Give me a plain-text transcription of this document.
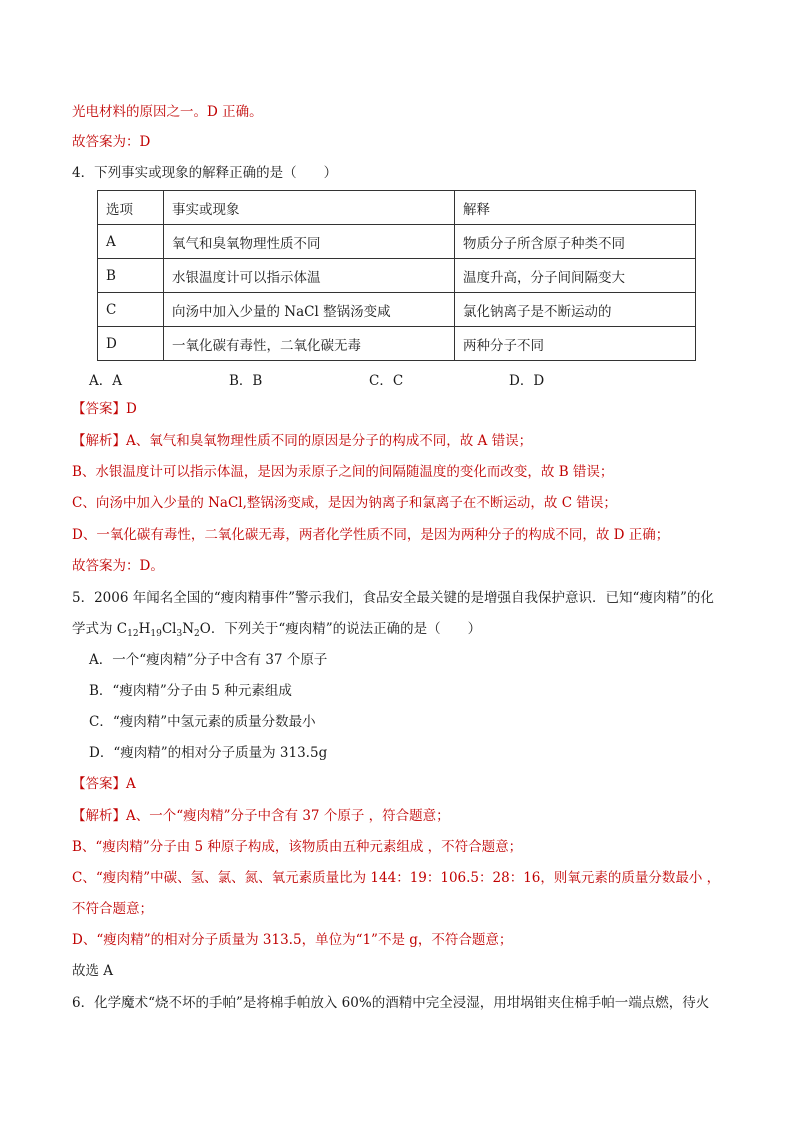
光电材料的原因之一。D 正确。
故答案为：D
4．下列事实或现象的解释正确的是（　　）
选项	事实或现象	解释
A	氧气和臭氧物理性质不同	物质分子所含原子种类不同
B	水银温度计可以指示体温	温度升高，分子间间隔变大
C	向汤中加入少量的 NaCl 整锅汤变咸	氯化钠离子是不断运动的
D	一氧化碳有毒性，二氧化碳无毒	两种分子不同
A．A	B．B	C．C	D．D
【答案】D
【解析】A、氧气和臭氧物理性质不同的原因是分子的构成不同，故 A 错误；
B、水银温度计可以指示体温，是因为汞原子之间的间隔随温度的变化而改变，故 B 错误；
C、向汤中加入少量的 NaCl,整锅汤变咸，是因为钠离子和氯离子在不断运动，故 C 错误；
D、一氧化碳有毒性，二氧化碳无毒，两者化学性质不同，是因为两种分子的构成不同，故 D 正确；
故答案为：D。
5．2006 年闻名全国的“瘦肉精事件”警示我们，食品安全最关键的是增强自我保护意识．已知“瘦肉精”的化
学式为 $C_{12}H_{19}Cl_3N_2O$．下列关于“瘦肉精”的说法正确的是（　　）
A．一个“瘦肉精”分子中含有 37 个原子
B．“瘦肉精”分子由 5 种元素组成
C．“瘦肉精”中氢元素的质量分数最小
D．“瘦肉精”的相对分子质量为 313.5g
【答案】A
【解析】A、一个“瘦肉精”分子中含有 37 个原子 ，符合题意；
B、“瘦肉精”分子由 5 种原子构成，该物质由五种元素组成 ，不符合题意；
C、“瘦肉精”中碳、氢、氯、氮、氧元素质量比为 144：19：106.5：28：16，则氧元素的质量分数最小 ，
不符合题意；
D、“瘦肉精”的相对分子质量为 313.5，单位为“1”不是 g，不符合题意；
故选 A
6．化学魔术“烧不坏的手帕”是将棉手帕放入 60%的酒精中完全浸湿，用坩埚钳夹住棉手帕一端点燃，待火
